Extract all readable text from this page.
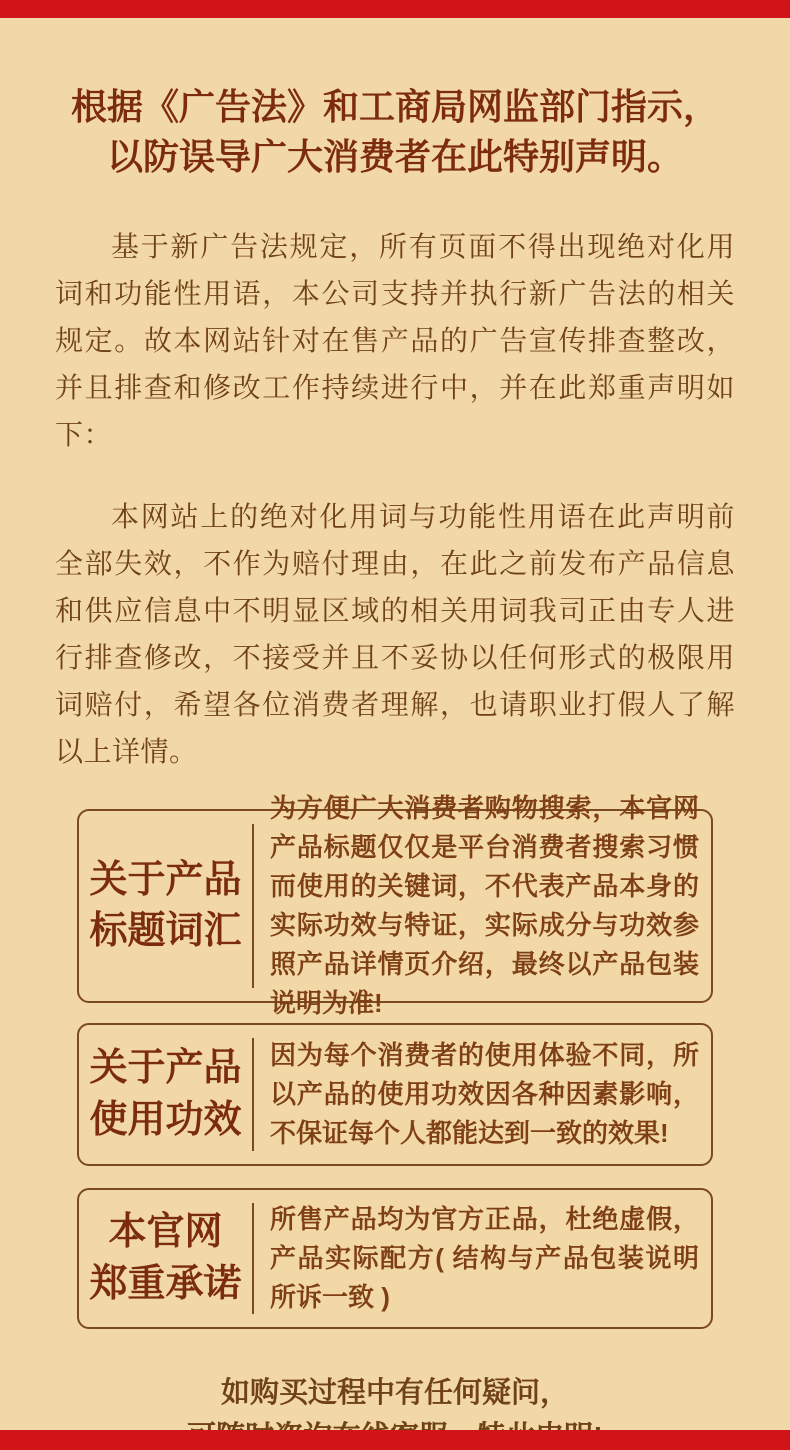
根据《广告法》和工商局网监部门指示，
以防误导广大消费者在此特别声明。

基于新广告法规定，所有页面不得出现绝对化用词和功能性用语，本公司支持并执行新广告法的相关规定。故本网站针对在售产品的广告宣传排查整改，并且排查和修改工作持续进行中，并在此郑重声明如下：

本网站上的绝对化用词与功能性用语在此声明前全部失效，不作为赔付理由，在此之前发布产品信息和供应信息中不明显区域的相关用词我司正由专人进行排查修改，不接受并且不妥协以任何形式的极限用词赔付，希望各位消费者理解，也请职业打假人了解以上详情。

关于产品
标题词汇
为方便广大消费者购物搜索，本官网产品标题仅仅是平台消费者搜索习惯而使用的关键词，不代表产品本身的实际功效与特证，实际成分与功效参照产品详情页介绍，最终以产品包装说明为准!
关于产品
使用功效
因为每个消费者的使用体验不同，所以产品的使用功效因各种因素影响，不保证每个人都能达到一致的效果!
本官网
郑重承诺
所售产品均为官方正品，杜绝虚假，产品实际配方( 结构与产品包装说明所诉一致 )
如购买过程中有任何疑问，
